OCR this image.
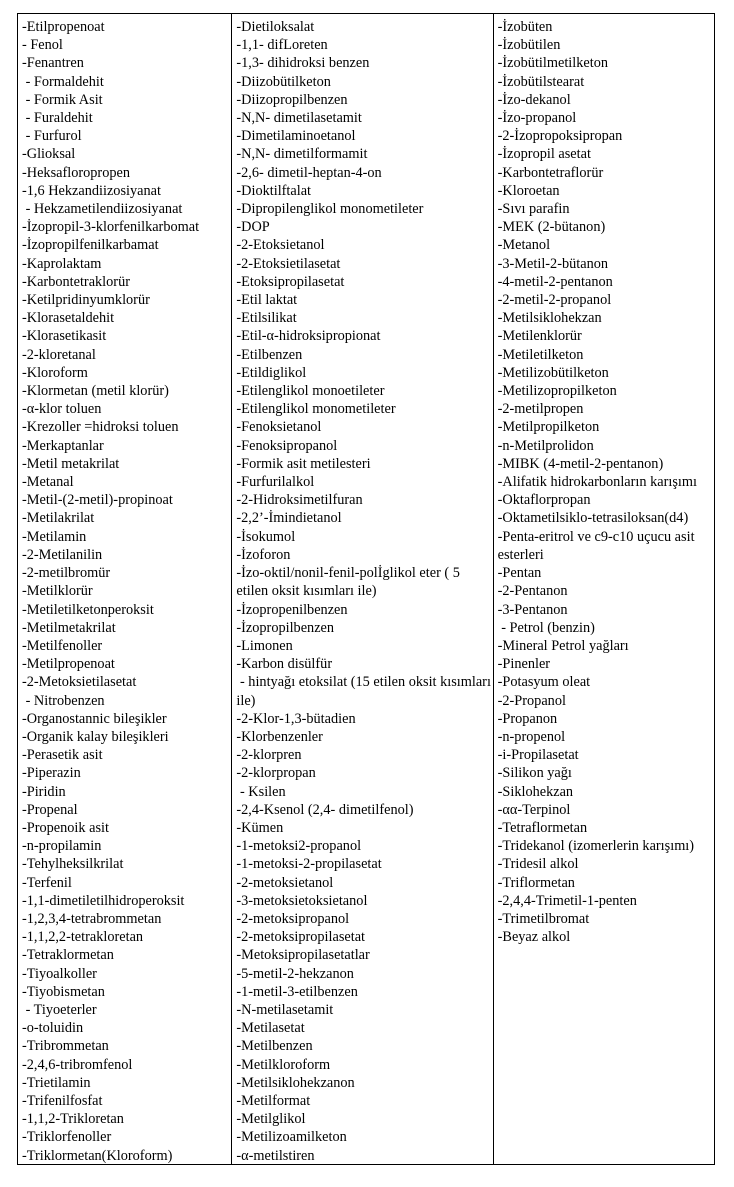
-Etilpropenoat
- Fenol
-Fenantren
- Formaldehit
- Formik Asit
- Furaldehit
- Furfurol
-Glioksal
-Heksafloropropen
-1,6 Hekzandiizosiyanat
- Hekzametilendiizosiyanat
-İzopropil-3-klorfenilkarbomat
-İzopropilfenilkarbamat
-Kaprolaktam
-Karbontetraklorür
-Ketilpridinyumklorür
-Klorasetaldehit
-Klorasetikasit
-2-kloretanal
-Kloroform
-Klormetan (metil klorür)
-α-klor toluen
-Krezoller =hidroksi toluen
-Merkaptanlar
-Metil metakrilat
-Metanal
-Metil-(2-metil)-propinoat
-Metilakrilat
-Metilamin
-2-Metilanilin
-2-metilbromür
-Metilklorür
-Metiletilketonperoksit
-Metilmetakrilat
-Metilfenoller
-Metilpropenoat
-2-Metoksietilasetat
- Nitrobenzen
-Organostannic bileşikler
-Organik kalay bileşikleri
-Perasetik asit
-Piperazin
-Piridin
-Propenal
-Propenoik asit
-n-propilamin
-Tehylheksilkrilat
-Terfenil
-1,1-dimetiletilhidroperoksit
-1,2,3,4-tetrabrommetan
-1,1,2,2-tetrakloretan
-Tetraklormetan
-Tiyoalkoller
-Tiyobismetan
- Tiyoeterler
-o-toluidin
-Tribrommetan
-2,4,6-tribromfenol
-Trietilamin
-Trifenilfosfat
-1,1,2-Trikloretan
-Triklorfenoller
-Triklormetan(Kloroform)
-Dietiloksalat
-1,1- difLoreten
-1,3- dihidroksi benzen
-Diizobütilketon
-Diizopropilbenzen
-N,N- dimetilasetamit
-Dimetilaminoetanol
-N,N- dimetilformamit
-2,6- dimetil-heptan-4-on
-Dioktilftalat
-Dipropilenglikol monometileter
-DOP
-2-Etoksietanol
-2-Etoksietilasetat
-Etoksipropilasetat
-Etil laktat
-Etilsilikat
-Etil-α-hidroksipropionat
-Etilbenzen
-Etildiglikol
-Etilenglikol monoetileter
-Etilenglikol monometileter
-Fenoksietanol
-Fenoksipropanol
-Formik asit metilesteri
-Furfurilalkol
-2-Hidroksimetilfuran
-2,2’-İmindietanol
-İsokumol
-İzoforon
-İzo-oktil/nonil-fenil-polİglikol eter ( 5 etilen oksit kısımları ile)
-İzopropenilbenzen
-İzopropilbenzen
-Limonen
-Karbon disülfür
- hintyağı etoksilat (15 etilen oksit kısımları ile)
-2-Klor-1,3-bütadien
-Klorbenzenler
-2-klorpren
-2-klorpropan
- Ksilen
-2,4-Ksenol (2,4- dimetilfenol)
-Kümen
-1-metoksi2-propanol
-1-metoksi-2-propilasetat
-2-metoksietanol
-3-metoksietoksietanol
-2-metoksipropanol
-2-metoksipropilasetat
-Metoksipropilasetatlar
-5-metil-2-hekzanon
-1-metil-3-etilbenzen
-N-metilasetamit
-Metilasetat
-Metilbenzen
-Metilkloroform
-Metilsiklohekzanon
-Metilformat
-Metilglikol
-Metilizoamilketon
-α-metilstiren
-İzobüten
-İzobütilen
-İzobütilmetilketon
-İzobütilstearat
-İzo-dekanol
-İzo-propanol
-2-İzopropoksipropan
-İzopropil asetat
-Karbontetraflorür
-Kloroetan
-Sıvı parafin
-MEK (2-bütanon)
-Metanol
-3-Metil-2-bütanon
-4-metil-2-pentanon
-2-metil-2-propanol
-Metilsiklohekzan
-Metilenklorür
-Metiletilketon
-Metilizobütilketon
-Metilizopropilketon
-2-metilpropen
-Metilpropilketon
-n-Metilprolidon
-MIBK (4-metil-2-pentanon)
-Alifatik hidrokarbonların karışımı
-Oktaflorpropan
-Oktametilsiklo-tetrasiloksan(d4)
-Penta-eritrol ve c9-c10 uçucu asit esterleri
-Pentan
-2-Pentanon
-3-Pentanon
- Petrol (benzin)
-Mineral Petrol yağları
-Pinenler
-Potasyum oleat
-2-Propanol
-Propanon
-n-propenol
-i-Propilasetat
-Silikon yağı
-Siklohekzan
-αα-Terpinol
-Tetraflormetan
-Tridekanol (izomerlerin karışımı)
-Tridesil alkol
-Triflormetan
-2,4,4-Trimetil-1-penten
-Trimetilbromat
-Beyaz alkol
